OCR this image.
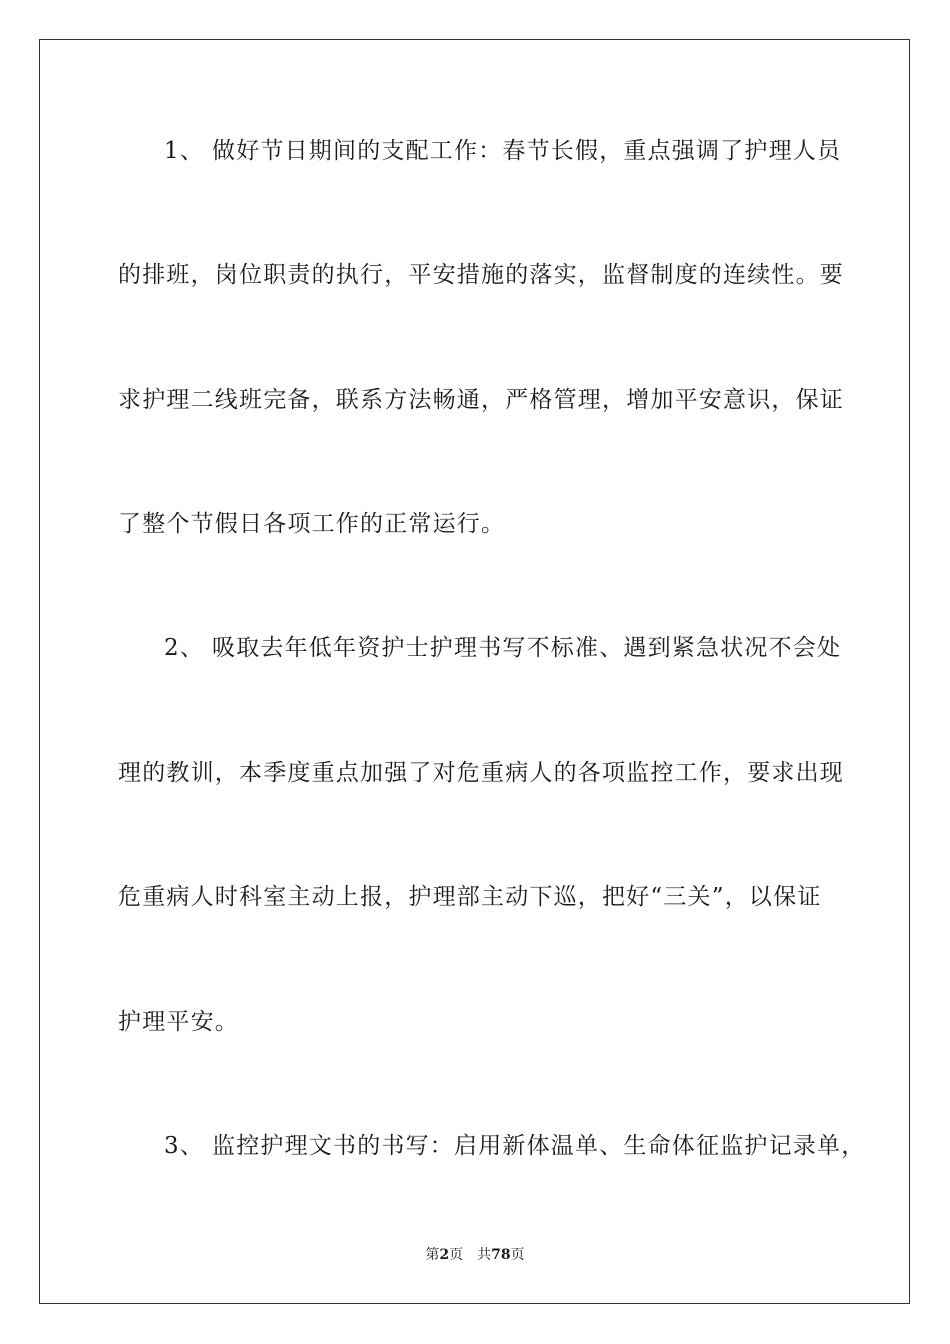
1、 做好节日期间的支配工作：春节长假，重点强调了护理人员
的排班，岗位职责的执行，平安措施的落实，监督制度的连续性。要
求护理二线班完备，联系方法畅通，严格管理，增加平安意识，保证
了整个节假日各项工作的正常运行。
2、 吸取去年低年资护士护理书写不标准、遇到紧急状况不会处
理的教训，本季度重点加强了对危重病人的各项监控工作，要求出现
危重病人时科室主动上报，护理部主动下巡，把好“三关”，以保证
护理平安。
3、 监控护理文书的书写：启用新体温单、生命体征监护记录单，
第2页 共78页
